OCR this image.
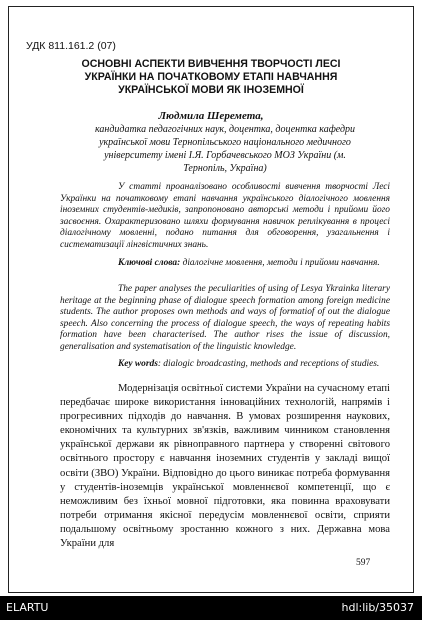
УДК 811.161.2 (07)
ОСНОВНІ АСПЕКТИ ВИВЧЕННЯ ТВОРЧОСТІ ЛЕСІ
УКРАЇНКИ НА ПОЧАТКОВОМУ ЕТАПІ НАВЧАННЯ
УКРАЇНСЬКОЇ МОВИ ЯК ІНОЗЕМНОЇ
Людмила Шеремета,
кандидатка педагогічних наук, доцентка, доцентка кафедри
української мови Тернопільського національного медичного
університету імені І.Я. Горбачевського МОЗ України (м.
Тернопіль, Україна)
У статті проаналізовано особливості вивчення творчості Лесі Українки на початковому етапі навчання українського діалогічного мовлення іноземних студентів-медиків, запропоновано авторські методи і прийоми його засвоєння. Охарактеризовано шляхи формування навичок реплікування в процесі діалогічному мовленні, подано питання для обговорення, узагальнення і систематизації лінгвістичних знань.
Ключові слова: діалогічне мовлення, методи і прийоми навчання.
The paper analyses the peculiarities of using of Lesya Ykrainka literary heritage at the beginning phase of dialogue speech formation among foreign medicine students. The author proposes own methods and ways of formatiof of out the dialogue speech. Also concerning the process of dialogue speech, the ways of repeating habits formation have been characterised. The author rises the issue of discussion, generalisation and systematisation of the linguistic knowledge.
Key words: dialogic broadcasting, methods and receptions of studies.
Модернізація освітньої системи України на сучасному етапі передбачає широке використання інноваційних технологій, напрямів і прогресивних підходів до навчання. В умовах розширення наукових, економічних та культурних зв'язків, важливим чинником становлення української держави як рівноправного партнера у створенні світового освітнього простору є навчання іноземних студентів у закладі вищої освіти (ЗВО) України. Відповідно до цього виникає потреба формування у студентів-іноземців української мовленнєвої компетенції, що є неможливим без їхньої мовної підготовки, яка повинна враховувати потреби отримання якісної передусім мовленнєвої освіти, сприяти подальшому освітньому зростанню кожного з них. Державна мова України для
597
ELARTU	hdl:lib/35037
